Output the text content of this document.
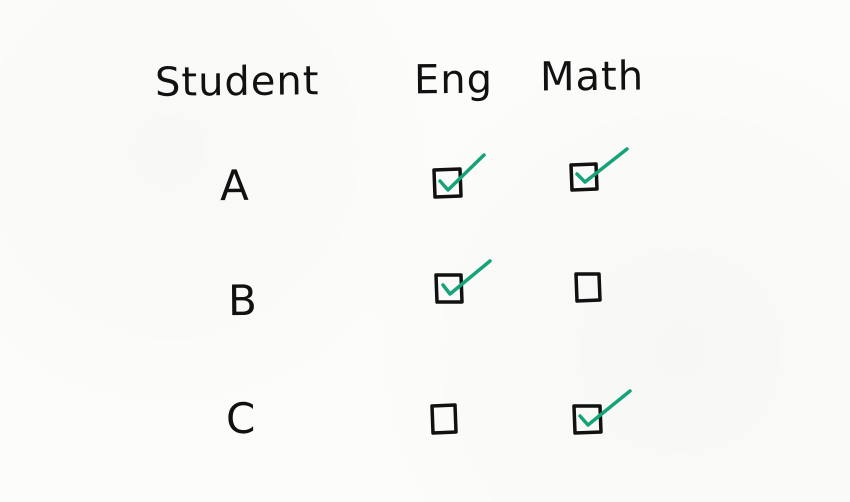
Student Eng Math
A
B
C
